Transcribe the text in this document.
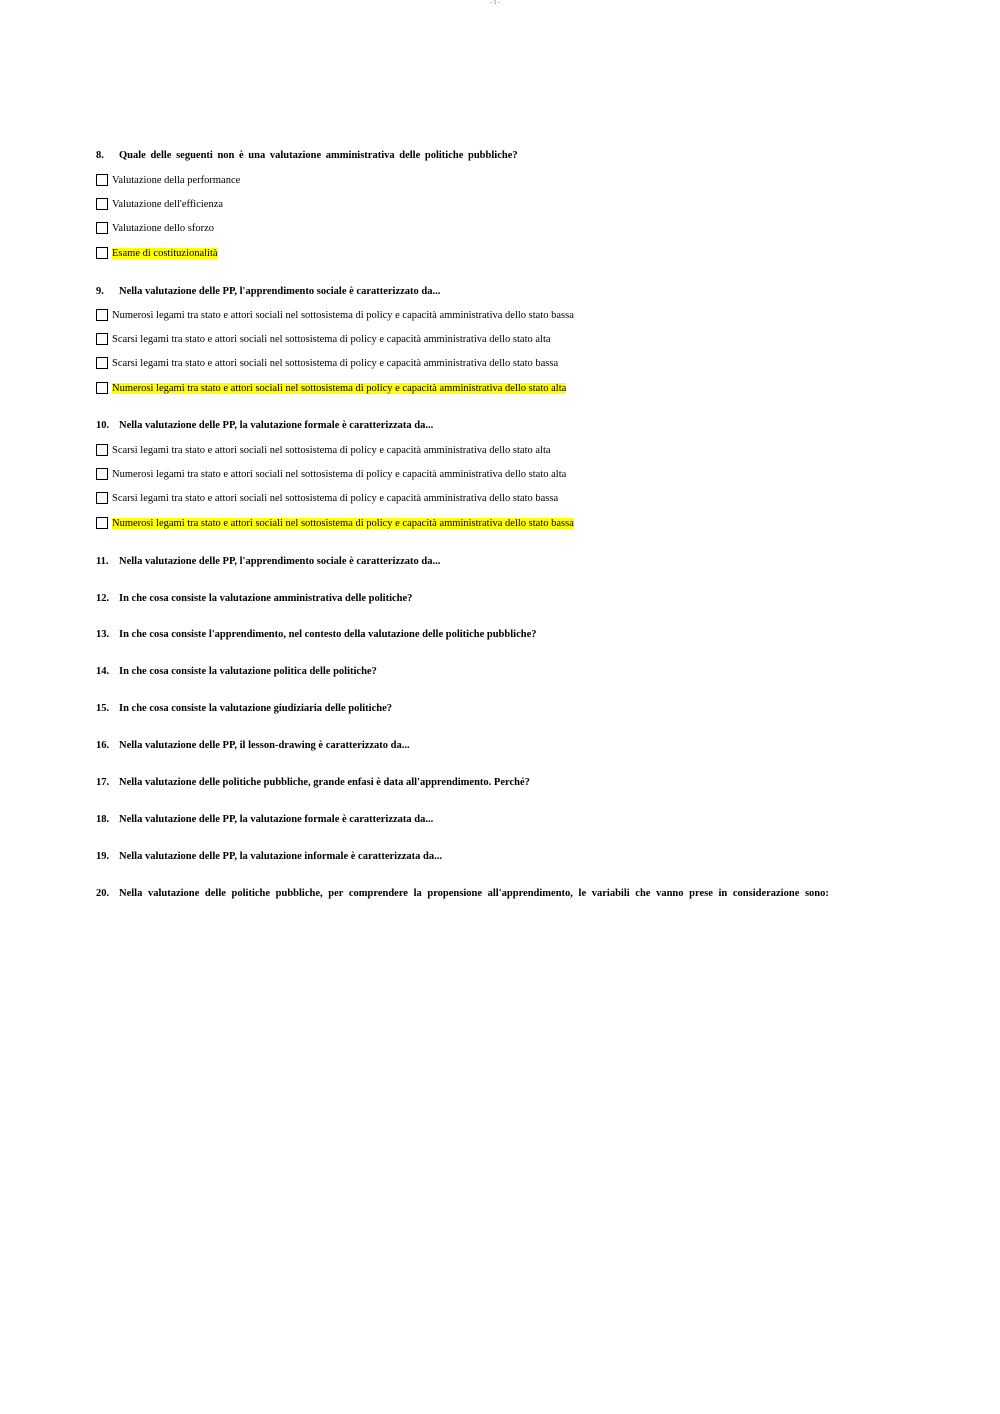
- 1 -
8. Quale delle seguenti non è una valutazione amministrativa delle politiche pubbliche?
Valutazione della performance
Valutazione dell'efficienza
Valutazione dello sforzo
Esame di costituzionalità
9. Nella valutazione delle PP, l'apprendimento sociale è caratterizzato da...
Numerosi legami tra stato e attori sociali nel sottosistema di policy e capacità amministrativa dello stato bassa
Scarsi legami tra stato e attori sociali nel sottosistema di policy e capacità amministrativa dello stato alta
Scarsi legami tra stato e attori sociali nel sottosistema di policy e capacità amministrativa dello stato bassa
Numerosi legami tra stato e attori sociali nel sottosistema di policy e capacità amministrativa dello stato alta
10. Nella valutazione delle PP, la valutazione formale è caratterizzata da...
Scarsi legami tra stato e attori sociali nel sottosistema di policy e capacità amministrativa dello stato alta
Numerosi legami tra stato e attori sociali nel sottosistema di policy e capacità amministrativa dello stato alta
Scarsi legami tra stato e attori sociali nel sottosistema di policy e capacità amministrativa dello stato bassa
Numerosi legami tra stato e attori sociali nel sottosistema di policy e capacità amministrativa dello stato bassa
11. Nella valutazione delle PP, l'apprendimento sociale è caratterizzato da...
12. In che cosa consiste la valutazione amministrativa delle politiche?
13. In che cosa consiste l'apprendimento, nel contesto della valutazione delle politiche pubbliche?
14. In che cosa consiste la valutazione politica delle politiche?
15. In che cosa consiste la valutazione giudiziaria delle politiche?
16. Nella valutazione delle PP, il lesson-drawing è caratterizzato da...
17. Nella valutazione delle politiche pubbliche, grande enfasi è data all'apprendimento. Perché?
18. Nella valutazione delle PP, la valutazione formale è caratterizzata da...
19. Nella valutazione delle PP, la valutazione informale è caratterizzata da...
20. Nella valutazione delle politiche pubbliche, per comprendere la propensione all'apprendimento, le variabili che vanno prese in considerazione sono:
